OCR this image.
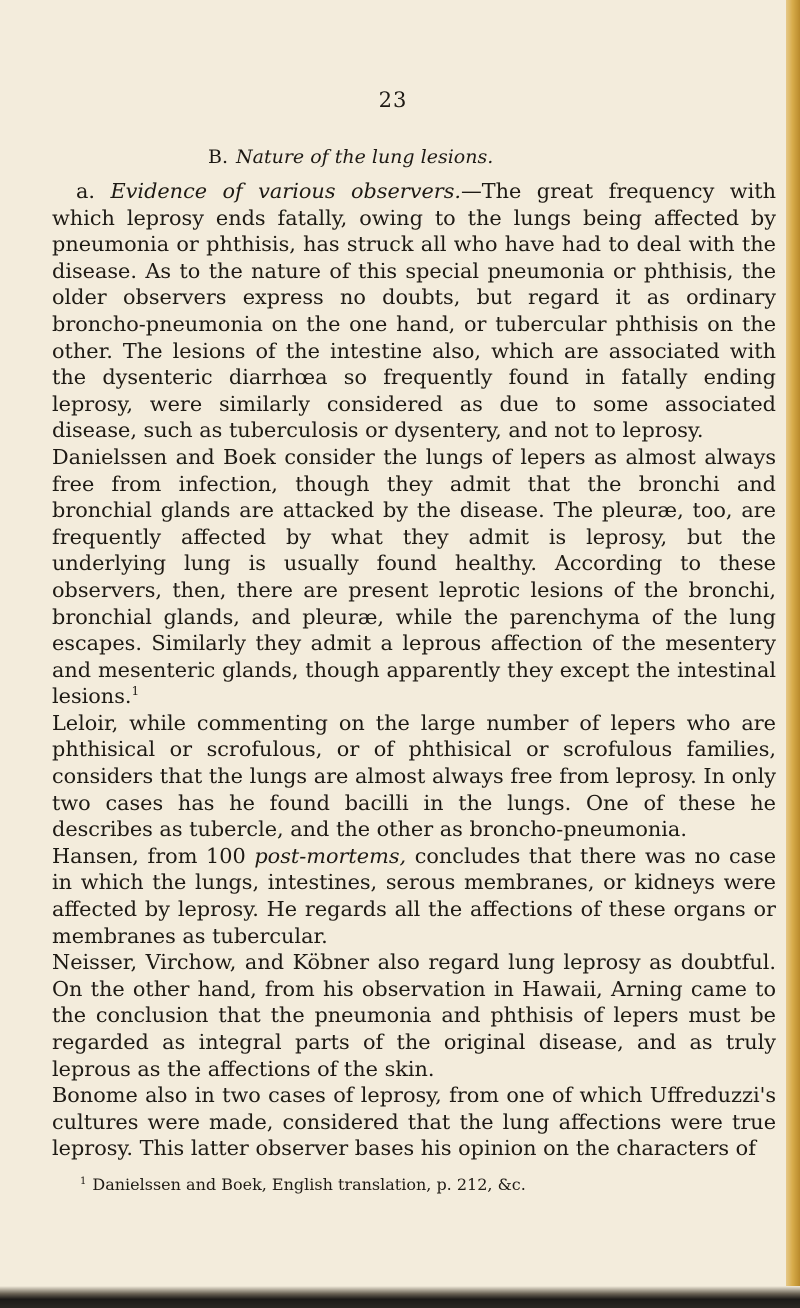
23
B. Nature of the lung lesions.

a. Evidence of various observers.—The great frequency with which leprosy ends fatally, owing to the lungs being affected by pneumonia or phthisis, has struck all who have had to deal with the disease. As to the nature of this special pneumonia or phthisis, the older observers express no doubts, but regard it as ordinary broncho-pneumonia on the one hand, or tubercular phthisis on the other. The lesions of the intestine also, which are associated with the dysenteric diarrhœa so frequently found in fatally ending leprosy, were similarly considered as due to some associated disease, such as tuberculosis or dysentery, and not to leprosy.

Danielssen and Boek consider the lungs of lepers as almost always free from infection, though they admit that the bronchi and bronchial glands are attacked by the disease. The pleuræ, too, are frequently affected by what they admit is leprosy, but the underlying lung is usually found healthy. According to these observers, then, there are present leprotic lesions of the bronchi, bronchial glands, and pleuræ, while the parenchyma of the lung escapes. Similarly they admit a leprous affection of the mesentery and mesenteric glands, though apparently they except the intestinal lesions.$^1$

Leloir, while commenting on the large number of lepers who are phthisical or scrofulous, or of phthisical or scrofulous families, considers that the lungs are almost always free from leprosy. In only two cases has he found bacilli in the lungs. One of these he describes as tubercle, and the other as broncho-pneumonia.

Hansen, from 100 post-mortems, concludes that there was no case in which the lungs, intestines, serous membranes, or kidneys were affected by leprosy. He regards all the affections of these organs or membranes as tubercular.

Neisser, Virchow, and Köbner also regard lung leprosy as doubtful. On the other hand, from his observation in Hawaii, Arning came to the conclusion that the pneumonia and phthisis of lepers must be regarded as integral parts of the original disease, and as truly leprous as the affections of the skin.

Bonome also in two cases of leprosy, from one of which Uffreduzzi's cultures were made, considered that the lung affections were true leprosy. This latter observer bases his opinion on the characters of

$^1$ Danielssen and Boek, English translation, p. 212, &c.
